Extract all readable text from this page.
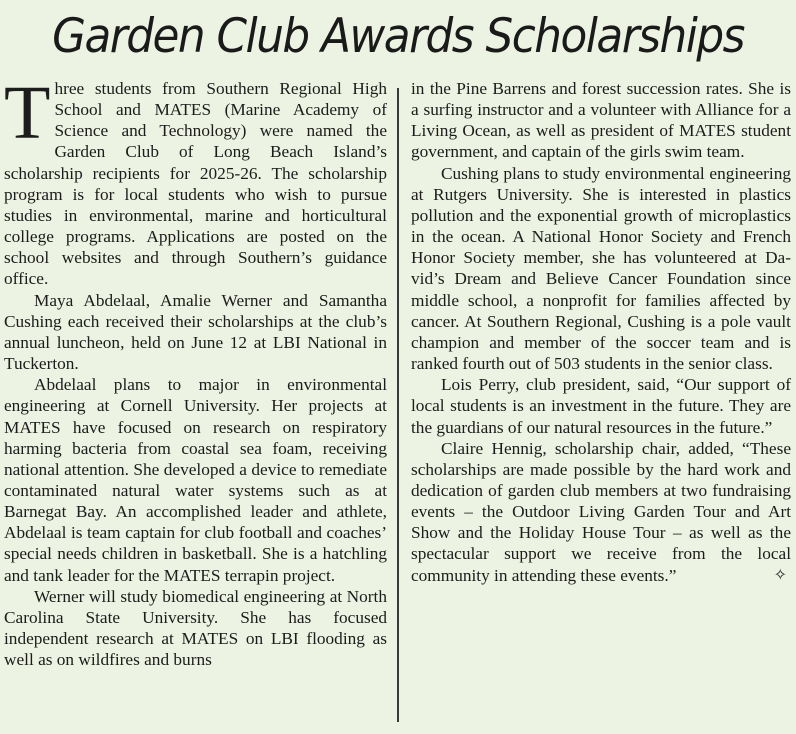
Garden Club Awards Scholarships

Three students from Southern Regional High School and MATES (Marine Academy of Science and Technology) were named the Garden Club of Long Beach Island’s scholarship recipients for 2025-26. The scholarship program is for local students who wish to pursue studies in environmental, marine and horticultural college programs. Applications are posted on the school websites and through Southern’s guidance office.

Maya Abdelaal, Amalie Werner and Samantha Cushing each received their scholarships at the club’s annual luncheon, held on June 12 at LBI National in Tuckerton.

Abdelaal plans to major in environmental engineering at Cornell University. Her projects at MATES have focused on research on respiratory harming bacteria from coastal sea foam, receiving national attention. She developed a device to remediate contaminated natural water systems such as at Barnegat Bay. An accomplished leader and athlete, Abdelaal is team captain for club football and coaches’ special needs children in basketball. She is a hatchling and tank leader for the MATES terrapin project.

Werner will study biomedical engineering at North Carolina State University. She has focused independent research at MATES on LBI flooding as well as on wildfires and burns

in the Pine Barrens and forest succession rates. She is a surfing instructor and a volunteer with Alliance for a Living Ocean, as well as president of MATES student government, and captain of the girls swim team.

Cushing plans to study environmental engineering at Rutgers University. She is interested in plastics pollution and the exponential growth of microplastics in the ocean. A National Honor Society and French Honor Society member, she has volunteered at David’s Dream and Believe Cancer Foundation since middle school, a nonprofit for families affected by cancer. At Southern Regional, Cushing is a pole vault champion and member of the soccer team and is ranked fourth out of 503 students in the senior class.

Lois Perry, club president, said, “Our support of local students is an investment in the future. They are the guardians of our natural resources in the future.”

Claire Hennig, scholarship chair, added, “These scholarships are made possible by the hard work and dedication of garden club members at two fundraising events – the Outdoor Living Garden Tour and Art Show and the Holiday House Tour – as well as the spectacular support we receive from the local community in attending these events.”	✧
